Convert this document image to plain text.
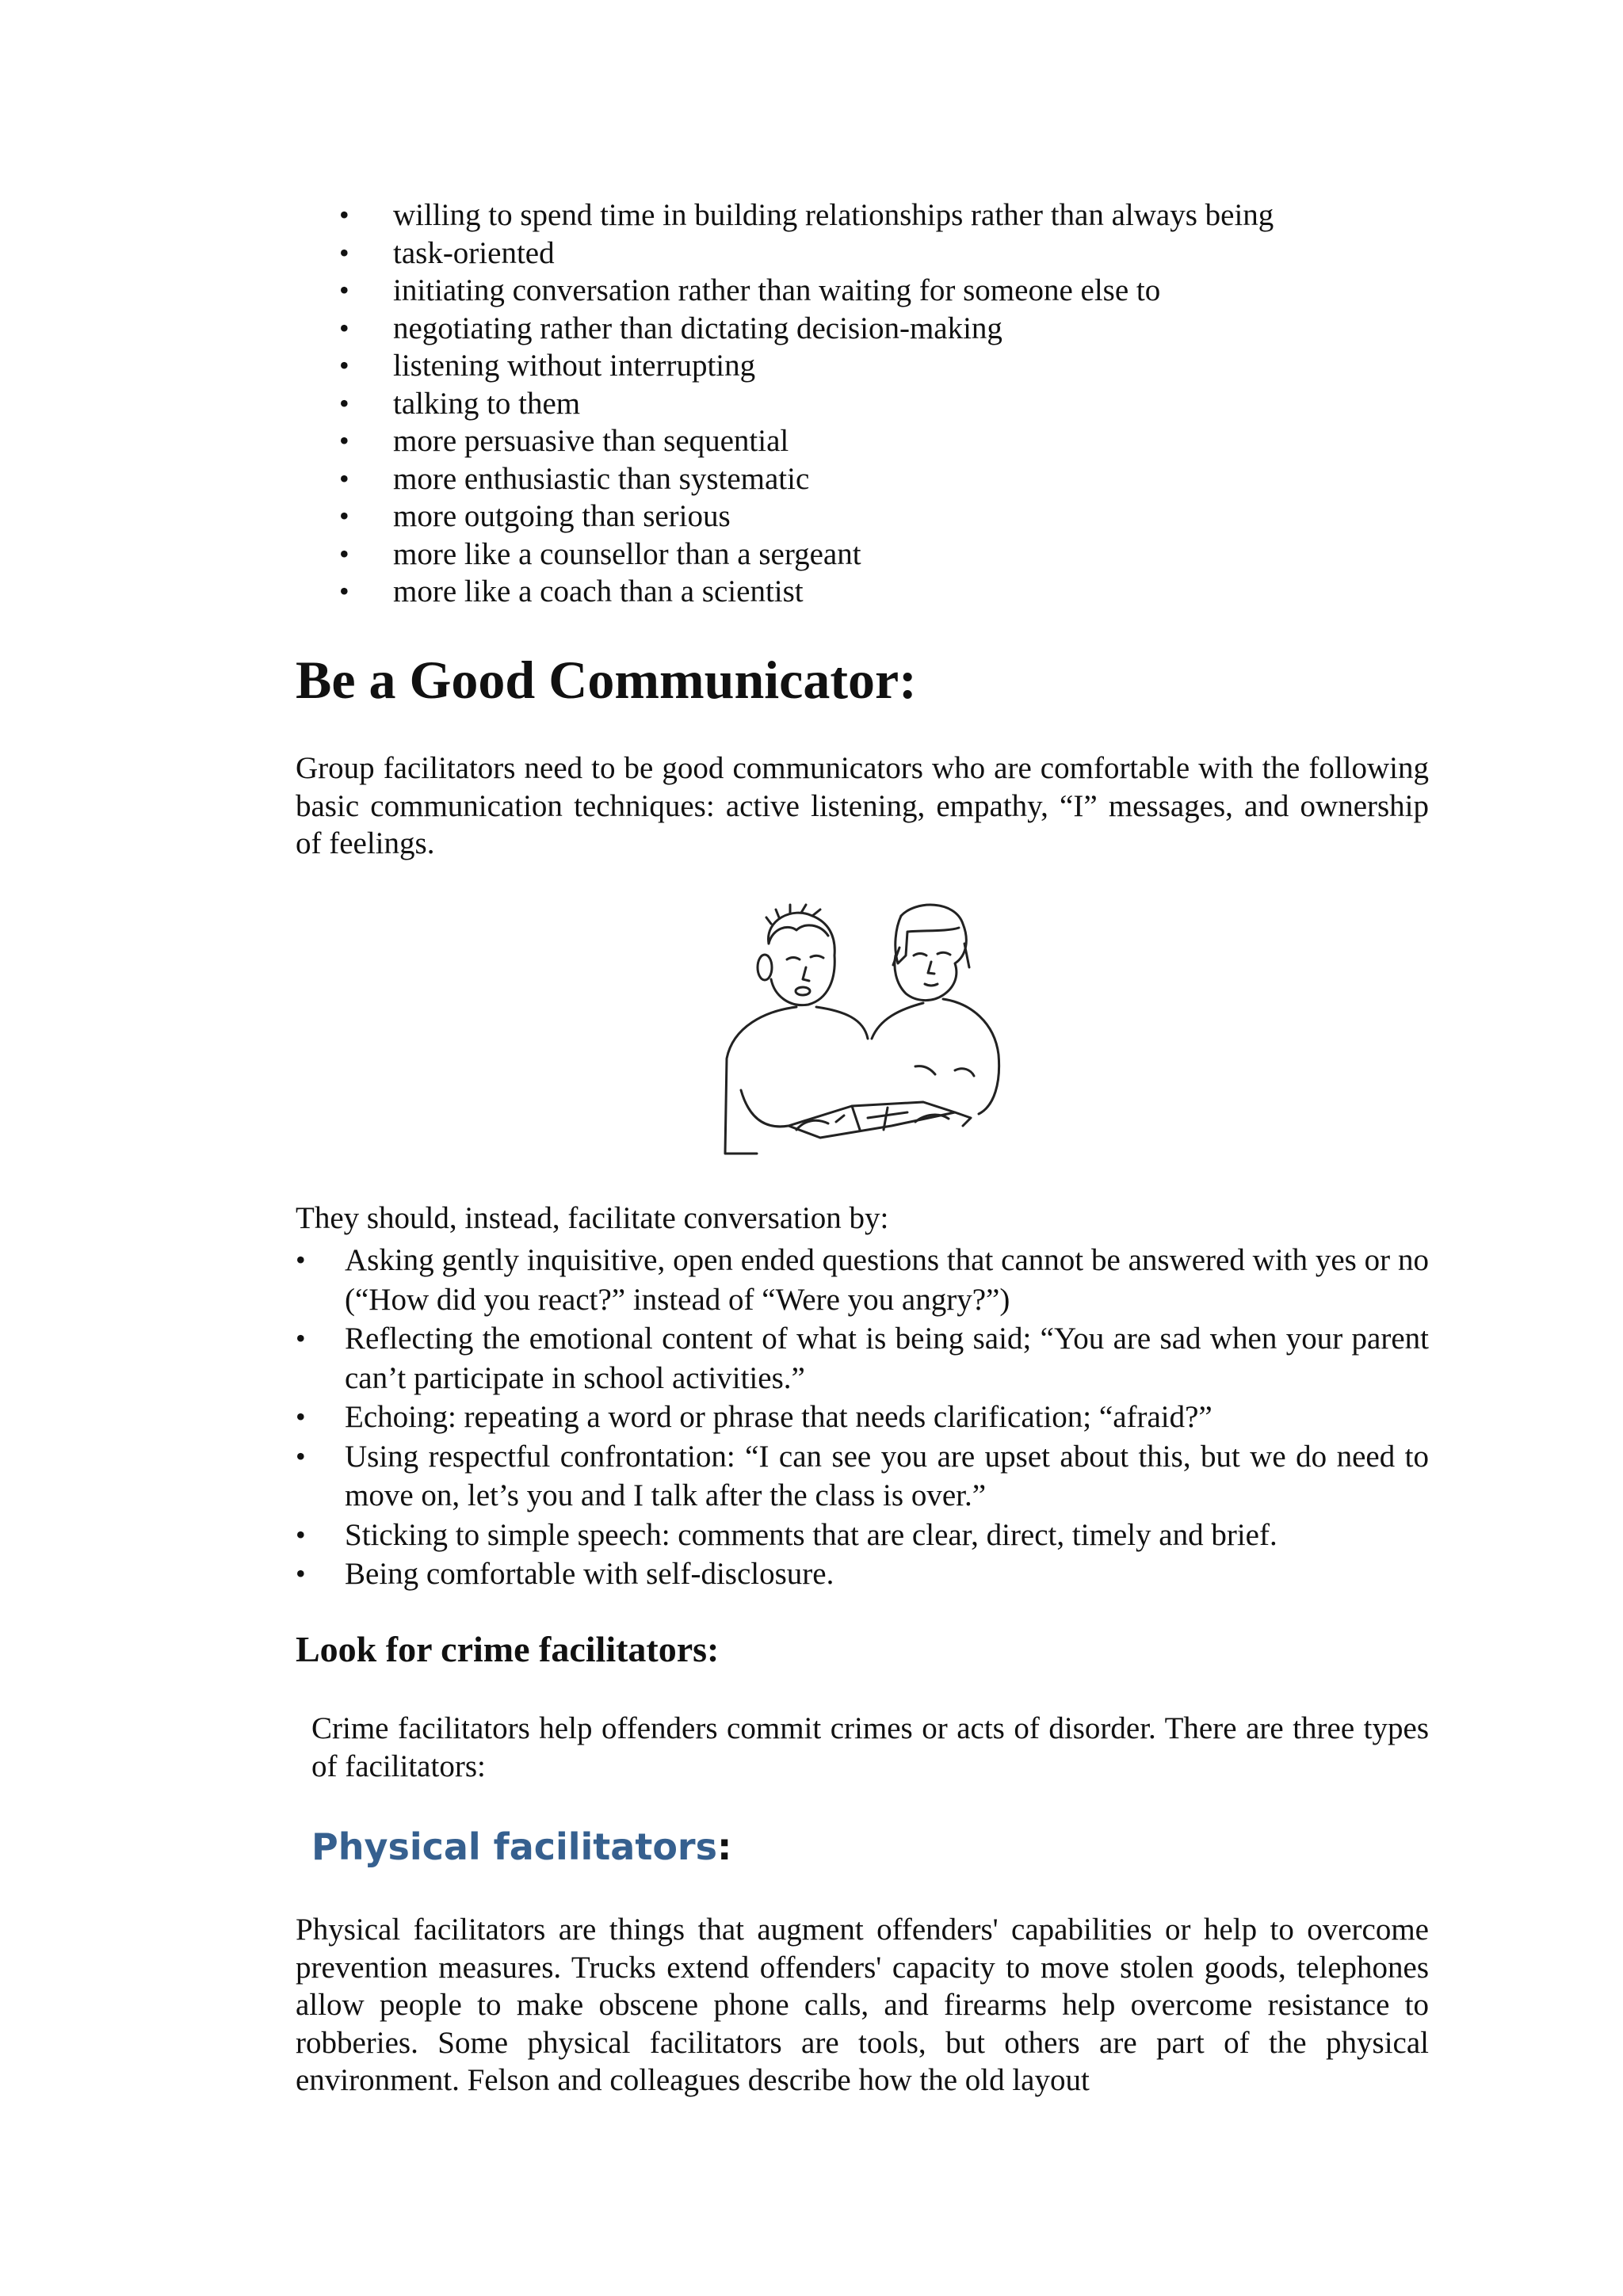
• willing to spend time in building relationships rather than always being
• task-oriented
• initiating conversation rather than waiting for someone else to
• negotiating rather than dictating decision-making
• listening without interrupting
• talking to them
• more persuasive than sequential
• more enthusiastic than systematic
• more outgoing than serious
• more like a counsellor than a sergeant
• more like a coach than a scientist
Be a Good Communicator:

Group facilitators need to be good communicators who are comfortable with the following basic communication techniques: active listening, empathy, “I” messages, and ownership of feelings.

They should, instead, facilitate conversation by:

• Asking gently inquisitive, open ended questions that cannot be answered with yes or no (“How did you react?” instead of “Were you angry?”)
• Reflecting the emotional content of what is being said; “You are sad when your parent can’t participate in school activities.”
• Echoing: repeating a word or phrase that needs clarification; “afraid?”
• Using respectful confrontation: “I can see you are upset about this, but we do need to move on, let’s you and I talk after the class is over.”
• Sticking to simple speech: comments that are clear, direct, timely and brief.
• Being comfortable with self-disclosure.
Look for crime facilitators:

Crime facilitators help offenders commit crimes or acts of disorder. There are three types of facilitators:

Physical facilitators:

Physical facilitators are things that augment offenders' capabilities or help to overcome prevention measures. Trucks extend offenders' capacity to move stolen goods, telephones allow people to make obscene phone calls, and firearms help overcome resistance to robberies. Some physical facilitators are tools, but others are part of the physical environment. Felson and colleagues describe how the old layout
